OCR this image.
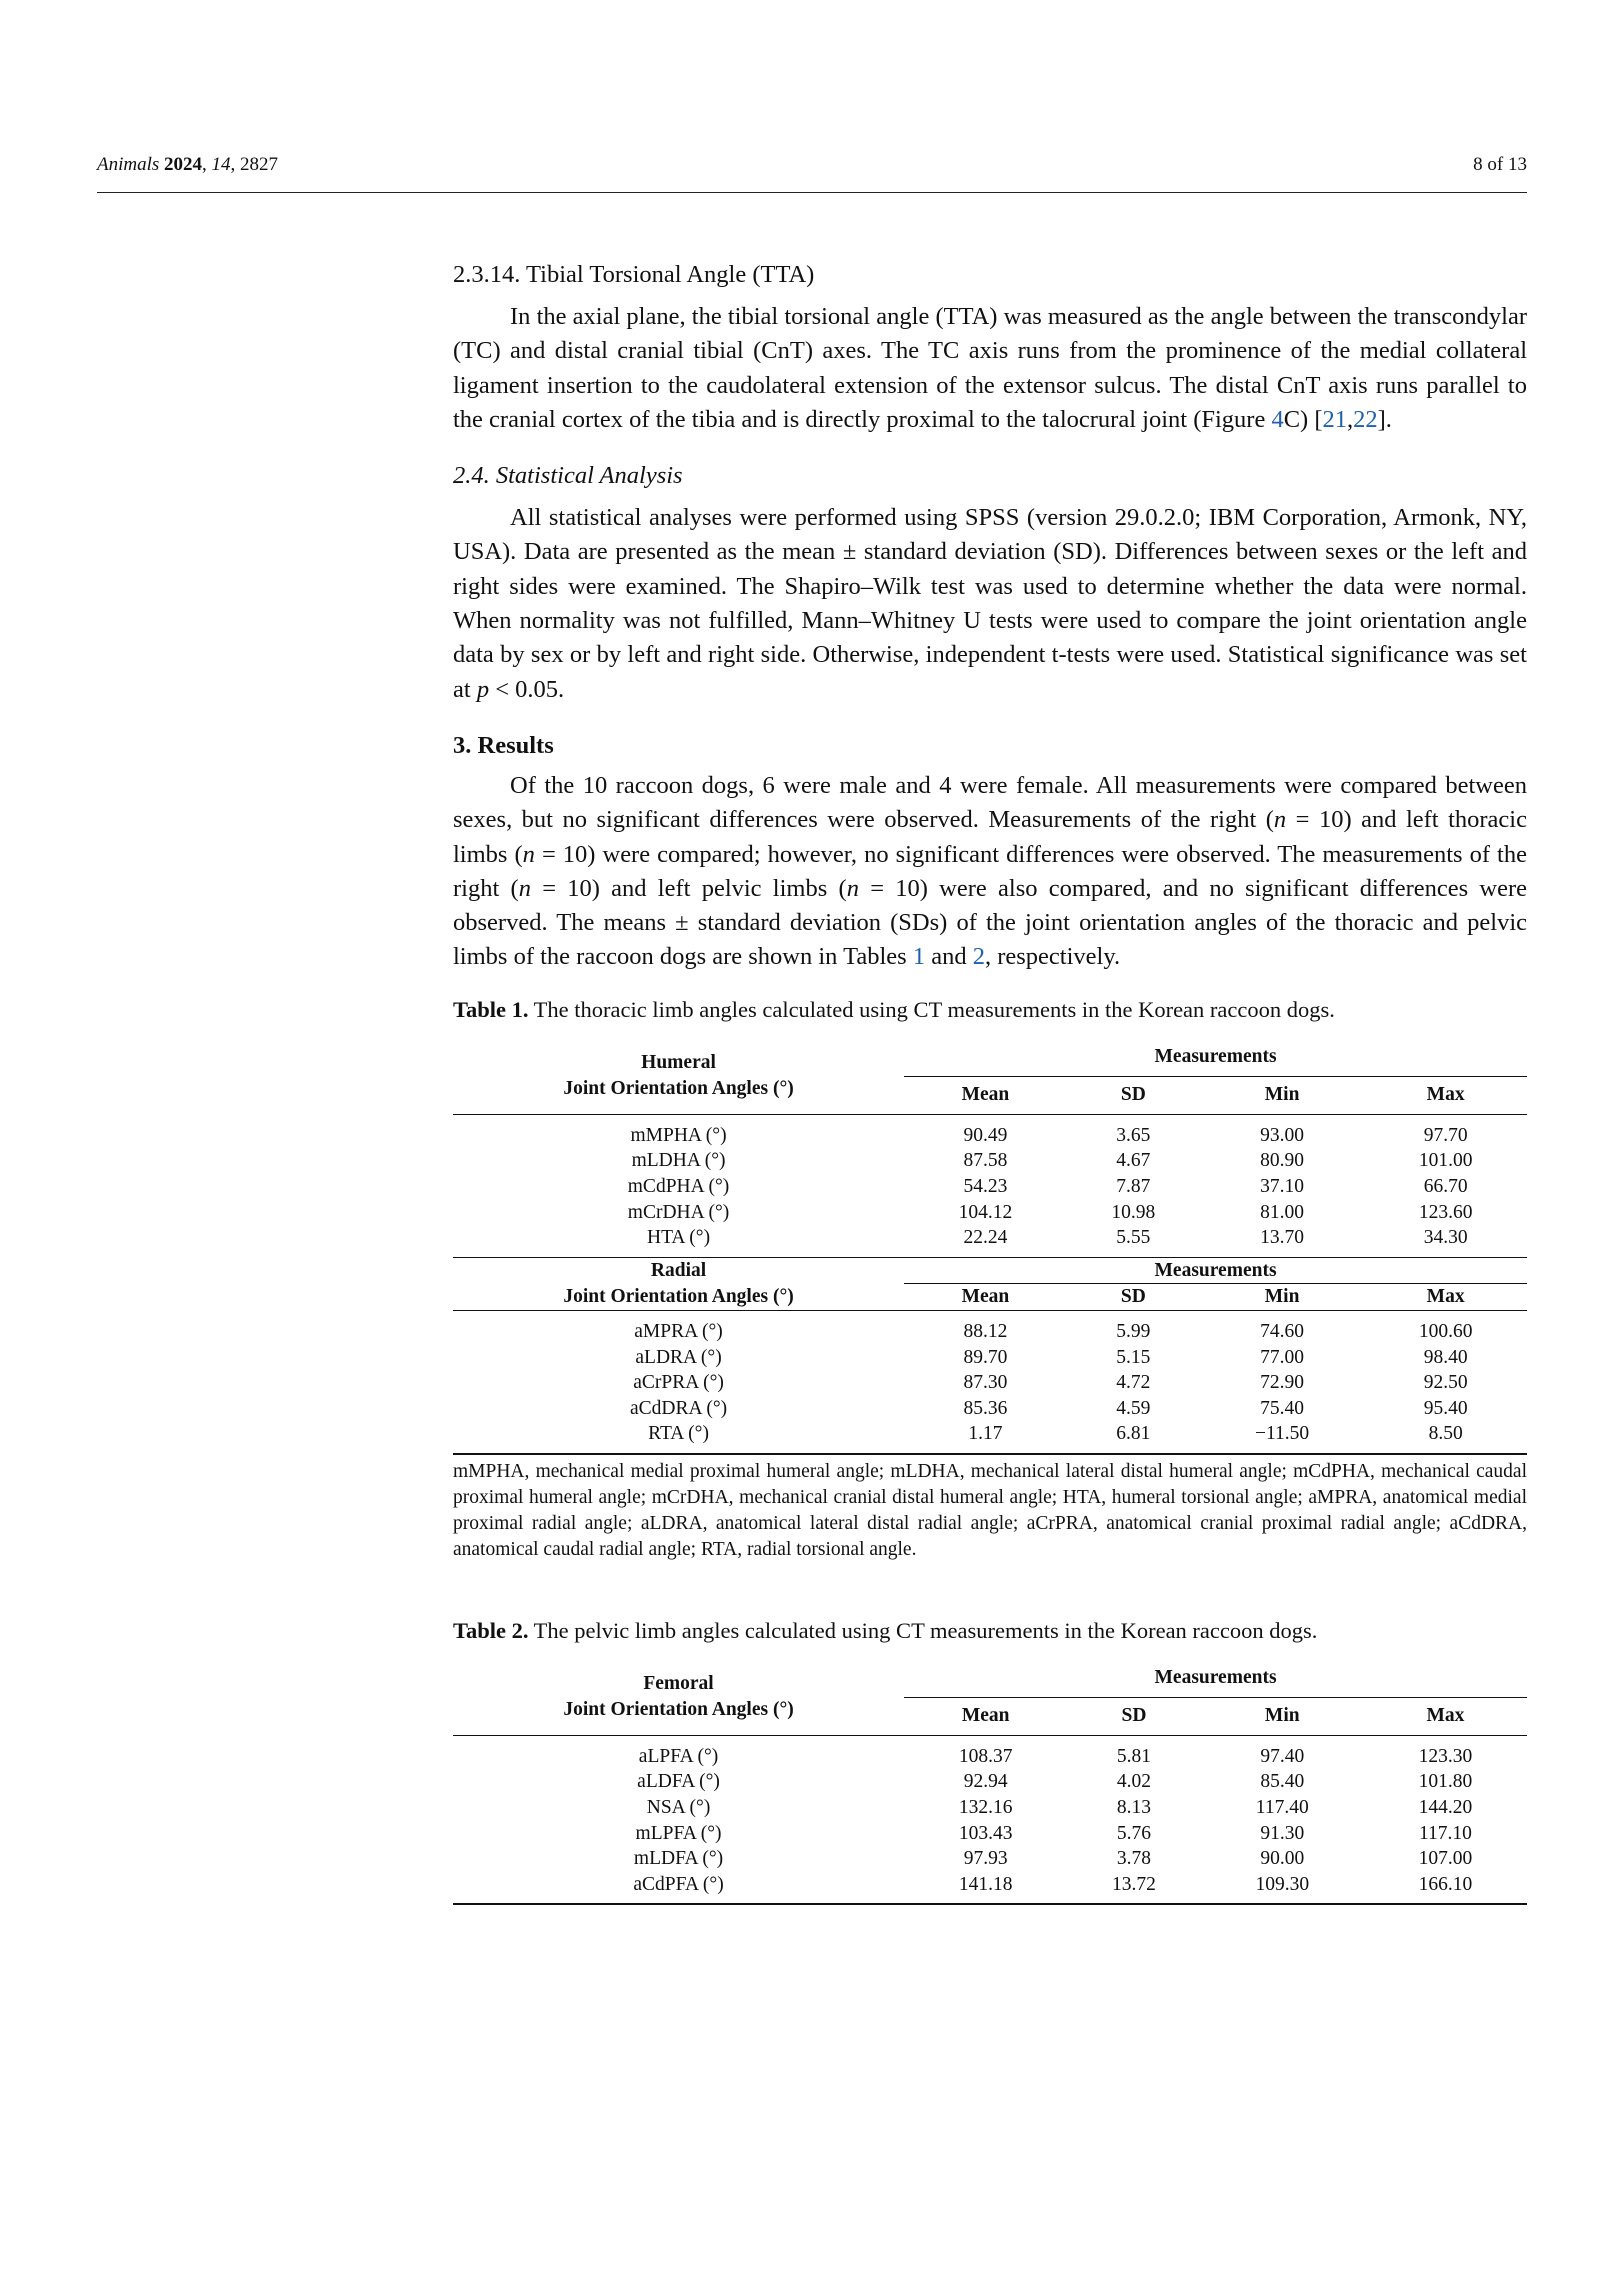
Animals 2024, 14, 2827	8 of 13
2.3.14. Tibial Torsional Angle (TTA)

In the axial plane, the tibial torsional angle (TTA) was measured as the angle between the transcondylar (TC) and distal cranial tibial (CnT) axes. The TC axis runs from the prominence of the medial collateral ligament insertion to the caudolateral extension of the extensor sulcus. The distal CnT axis runs parallel to the cranial cortex of the tibia and is directly proximal to the talocrural joint (Figure 4C) [21,22].

2.4. Statistical Analysis

All statistical analyses were performed using SPSS (version 29.0.2.0; IBM Corporation, Armonk, NY, USA). Data are presented as the mean ± standard deviation (SD). Differences between sexes or the left and right sides were examined. The Shapiro–Wilk test was used to determine whether the data were normal. When normality was not fulfilled, Mann–Whitney U tests were used to compare the joint orientation angle data by sex or by left and right side. Otherwise, independent t-tests were used. Statistical significance was set at p < 0.05.

3. Results

Of the 10 raccoon dogs, 6 were male and 4 were female. All measurements were compared between sexes, but no significant differences were observed. Measurements of the right (n = 10) and left thoracic limbs (n = 10) were compared; however, no significant differences were observed. The measurements of the right (n = 10) and left pelvic limbs (n = 10) were also compared, and no significant differences were observed. The means ± standard deviation (SDs) of the joint orientation angles of the thoracic and pelvic limbs of the raccoon dogs are shown in Tables 1 and 2, respectively.

Table 1. The thoracic limb angles calculated using CT measurements in the Korean raccoon dogs.
Humeral
Joint Orientation Angles (°)	Measurements			
	Mean	SD	Min	Max
mMPHA (°)	90.49	3.65	93.00	97.70
mLDHA (°)	87.58	4.67	80.90	101.00
mCdPHA (°)	54.23	7.87	37.10	66.70
mCrDHA (°)	104.12	10.98	81.00	123.60
HTA (°)	22.24	5.55	13.70	34.30
Radial
Joint Orientation Angles (°)	Measurements			
	Mean	SD	Min	Max
aMPRA (°)	88.12	5.99	74.60	100.60
aLDRA (°)	89.70	5.15	77.00	98.40
aCrPRA (°)	87.30	4.72	72.90	92.50
aCdDRA (°)	85.36	4.59	75.40	95.40
RTA (°)	1.17	6.81	−11.50	8.50
mMPHA, mechanical medial proximal humeral angle; mLDHA, mechanical lateral distal humeral angle; mCdPHA, mechanical caudal proximal humeral angle; mCrDHA, mechanical cranial distal humeral angle; HTA, humeral torsional angle; aMPRA, anatomical medial proximal radial angle; aLDRA, anatomical lateral distal radial angle; aCrPRA, anatomical cranial proximal radial angle; aCdDRA, anatomical caudal radial angle; RTA, radial torsional angle.
Table 2. The pelvic limb angles calculated using CT measurements in the Korean raccoon dogs.
Femoral
Joint Orientation Angles (°)	Measurements			
	Mean	SD	Min	Max
aLPFA (°)	108.37	5.81	97.40	123.30
aLDFA (°)	92.94	4.02	85.40	101.80
NSA (°)	132.16	8.13	117.40	144.20
mLPFA (°)	103.43	5.76	91.30	117.10
mLDFA (°)	97.93	3.78	90.00	107.00
aCdPFA (°)	141.18	13.72	109.30	166.10
